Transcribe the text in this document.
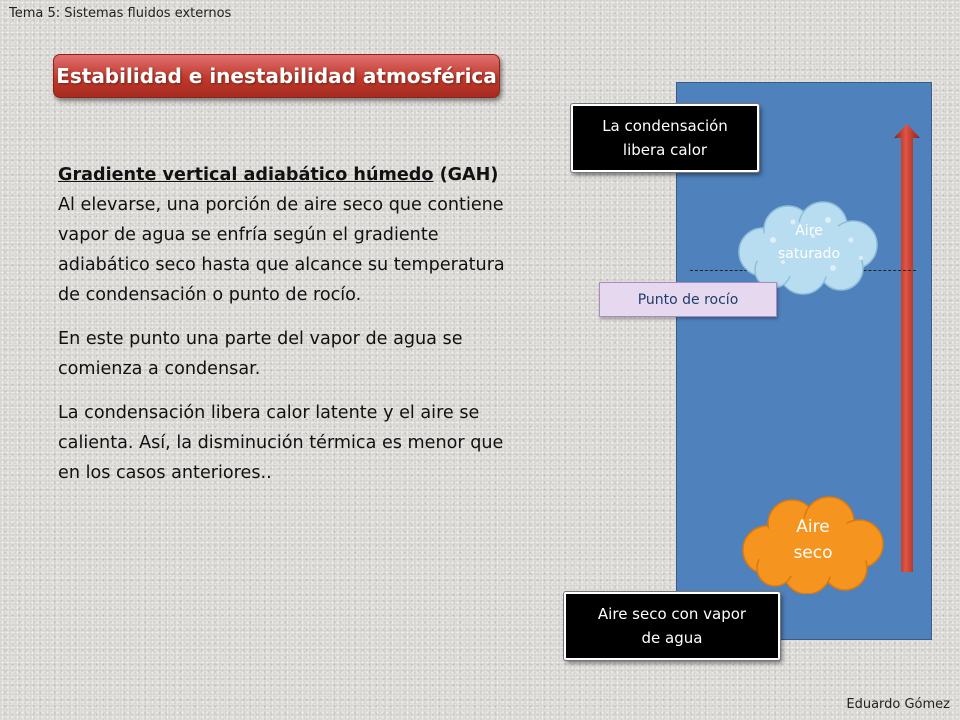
Tema 5: Sistemas fluidos externos
Estabilidad e inestabilidad atmosférica

Gradiente vertical adiabático húmedo (GAH)
Al elevarse, una porción de aire seco que contiene vapor de agua se enfría según el gradiente adiabático seco hasta que alcance su temperatura de condensación o punto de rocío.

En este punto una parte del vapor de agua se comienza a condensar.

La condensación libera calor latente y el aire se calienta. Así, la disminución térmica es menor que en los casos anteriores..

La condensación
libera calor
Aire
saturado
Punto de rocío
Aire
seco
Aire seco con vapor
de agua
Eduardo Gómez
